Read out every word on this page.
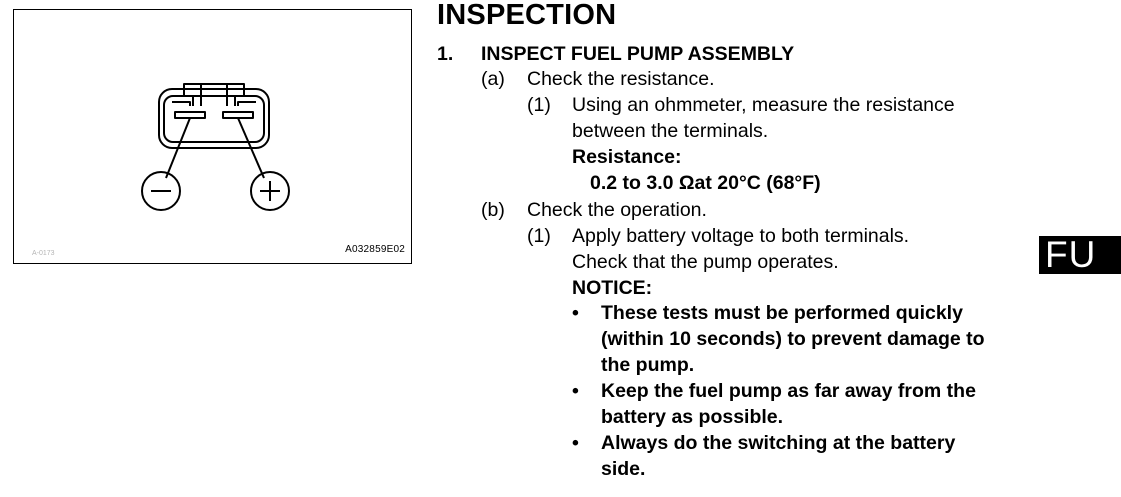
A-0173	A032859E02
INSPECTION
1. INSPECT FUEL PUMP ASSEMBLY
(a) Check the resistance.
(1) Using an ohmmeter, measure the resistance
between the terminals.
Resistance:
0.2 to 3.0 Ωat 20°C (68°F)
(b) Check the operation.
(1) Apply battery voltage to both terminals.
Check that the pump operates.
NOTICE:
• These tests must be performed quickly
(within 10 seconds) to prevent damage to
the pump.
• Keep the fuel pump as far away from the
battery as possible.
• Always do the switching at the battery
side.
FU
